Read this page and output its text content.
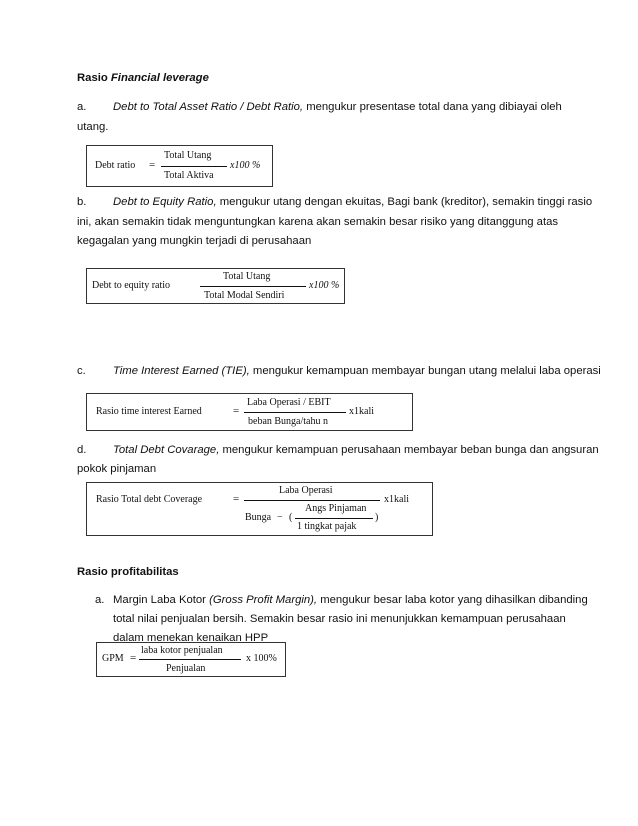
Rasio Financial leverage
a. Debt to Total Asset Ratio / Debt Ratio, mengukur presentase total dana yang dibiayai oleh
utang.
Debt ratio =
Total Utang
Total Aktiva
x100 %
b. Debt to Equity Ratio, mengukur utang dengan ekuitas, Bagi bank (kreditor), semakin tinggi rasio
ini, akan semakin tidak menguntungkan karena akan semakin besar risiko yang ditanggung atas
kegagalan yang mungkin terjadi di perusahaan
Debt to equity ratio
Total Utang
Total Modal Sendiri
x100 %
c. Time Interest Earned (TIE), mengukur kemampuan membayar bungan utang melalui laba operasi
Rasio time interest Earned	=
Laba Operasi / EBIT
beban Bunga/tahu n
x1kali
d. Total Debt Covarage, mengukur kemampuan perusahaan membayar beban bunga dan angsuran
pokok pinjaman
Rasio Total debt Coverage	=
Laba Operasi
Bunga − (
Angs Pinjaman
1 tingkat pajak
)
x1kali
Rasio profitabilitas
a. Margin Laba Kotor (Gross Profit Margin), mengukur besar laba kotor yang dihasilkan dibanding
total nilai penjualan bersih. Semakin besar rasio ini menunjukkan kemampuan perusahaan
dalam menekan kenaikan HPP
GPM =
laba kotor penjualan
Penjualan
x 100%
